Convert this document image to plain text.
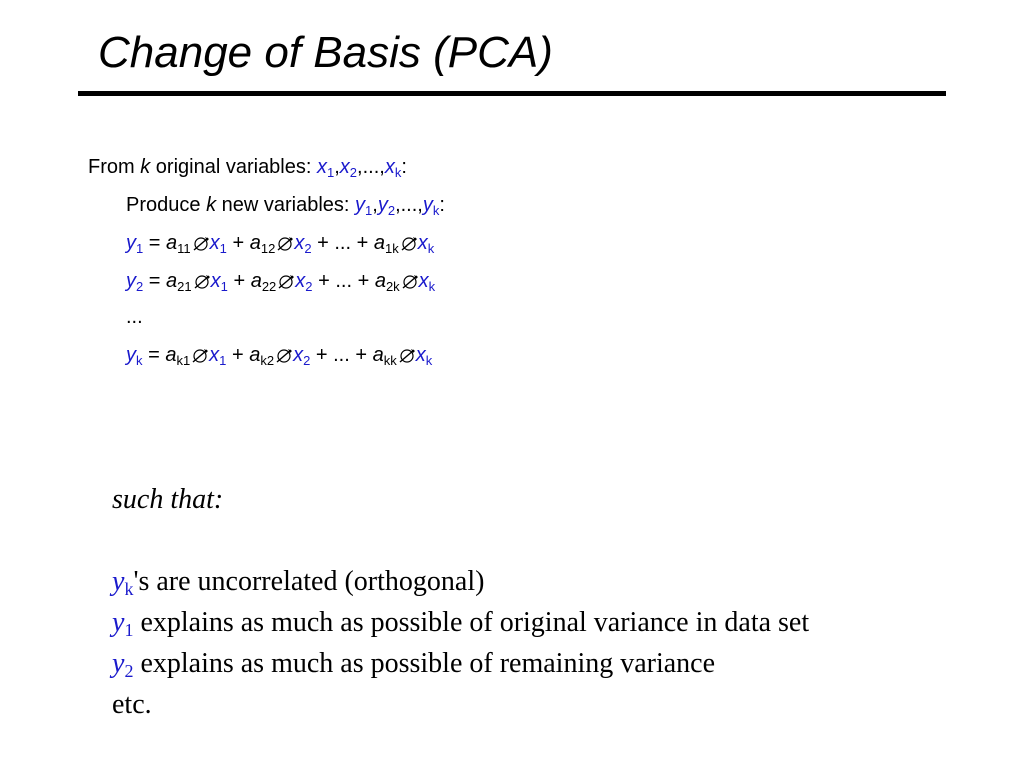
Change of Basis (PCA)
From k original variables: $x_1,x_2,...,x_k$:
Produce k new variables: $y_1,y_2,...,y_k$:
$y_1 = a_{11}$ $x_1 + a_{12}$ $x_2$ + ... + $a_{1k}$ $x_k$
$y_2 = a_{21}$ $x_1 + a_{22}$ $x_2$ + ... + $a_{2k}$ $x_k$
...
$y_k = a_{k1}$ $x_1 + a_{k2}$ $x_2$ + ... + $a_{kk}$ $x_k$
such that:
$y_k's$ are uncorrelated (orthogonal)
$y_1$ explains as much as possible of original variance in data set
$y_2$ explains as much as possible of remaining variance
etc.
